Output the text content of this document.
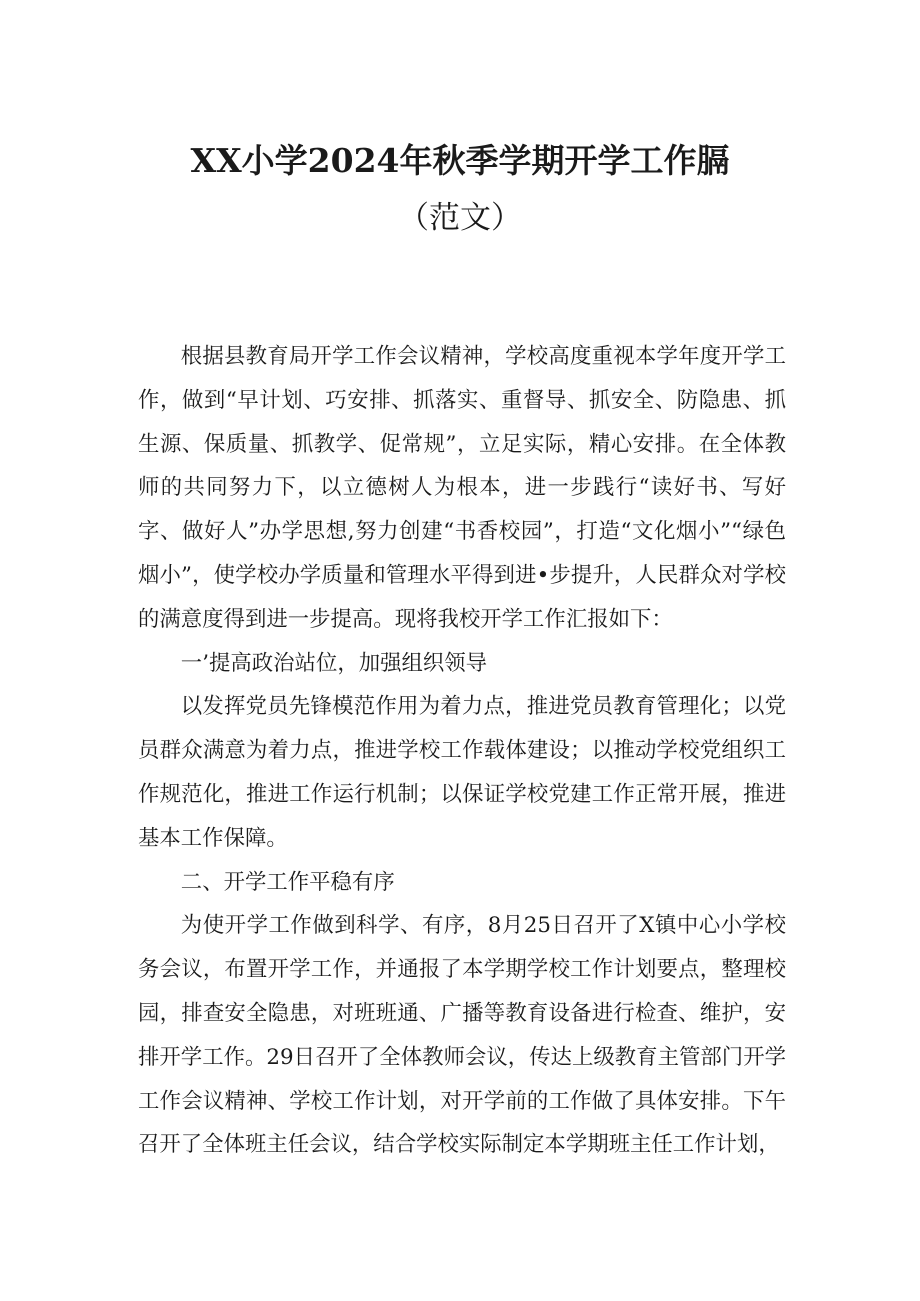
XX小学2024年秋季学期开学工作膈
（范文）

根据县教育局开学工作会议精神，学校高度重视本学年度开学工作，做到“早计划、巧安排、抓落实、重督导、抓安全、防隐患、抓生源、保质量、抓教学、促常规”，立足实际，精心安排。在全体教师的共同努力下，以立德树人为根本，进一步践行“读好书、写好字、做好人”办学思想,努力创建“书香校园”，打造“文化烟小”“绿色烟小”，使学校办学质量和管理水平得到进•步提升，人民群众对学校的满意度得到进一步提高。现将我校开学工作汇报如下：

一’提高政治站位，加强组织领导

以发挥党员先锋模范作用为着力点，推进党员教育管理化；以党员群众满意为着力点，推进学校工作载体建设；以推动学校党组织工作规范化，推进工作运行机制；以保证学校党建工作正常开展，推进基本工作保障。

二、开学工作平稳有序

为使开学工作做到科学、有序，8月25日召开了X镇中心小学校务会议，布置开学工作，并通报了本学期学校工作计划要点，整理校园，排查安全隐患，对班班通、广播等教育设备进行检查、维护，安排开学工作。29日召开了全体教师会议，传达上级教育主管部门开学工作会议精神、学校工作计划，对开学前的工作做了具体安排。下午召开了全体班主任会议，结合学校实际制定本学期班主任工作计划，
